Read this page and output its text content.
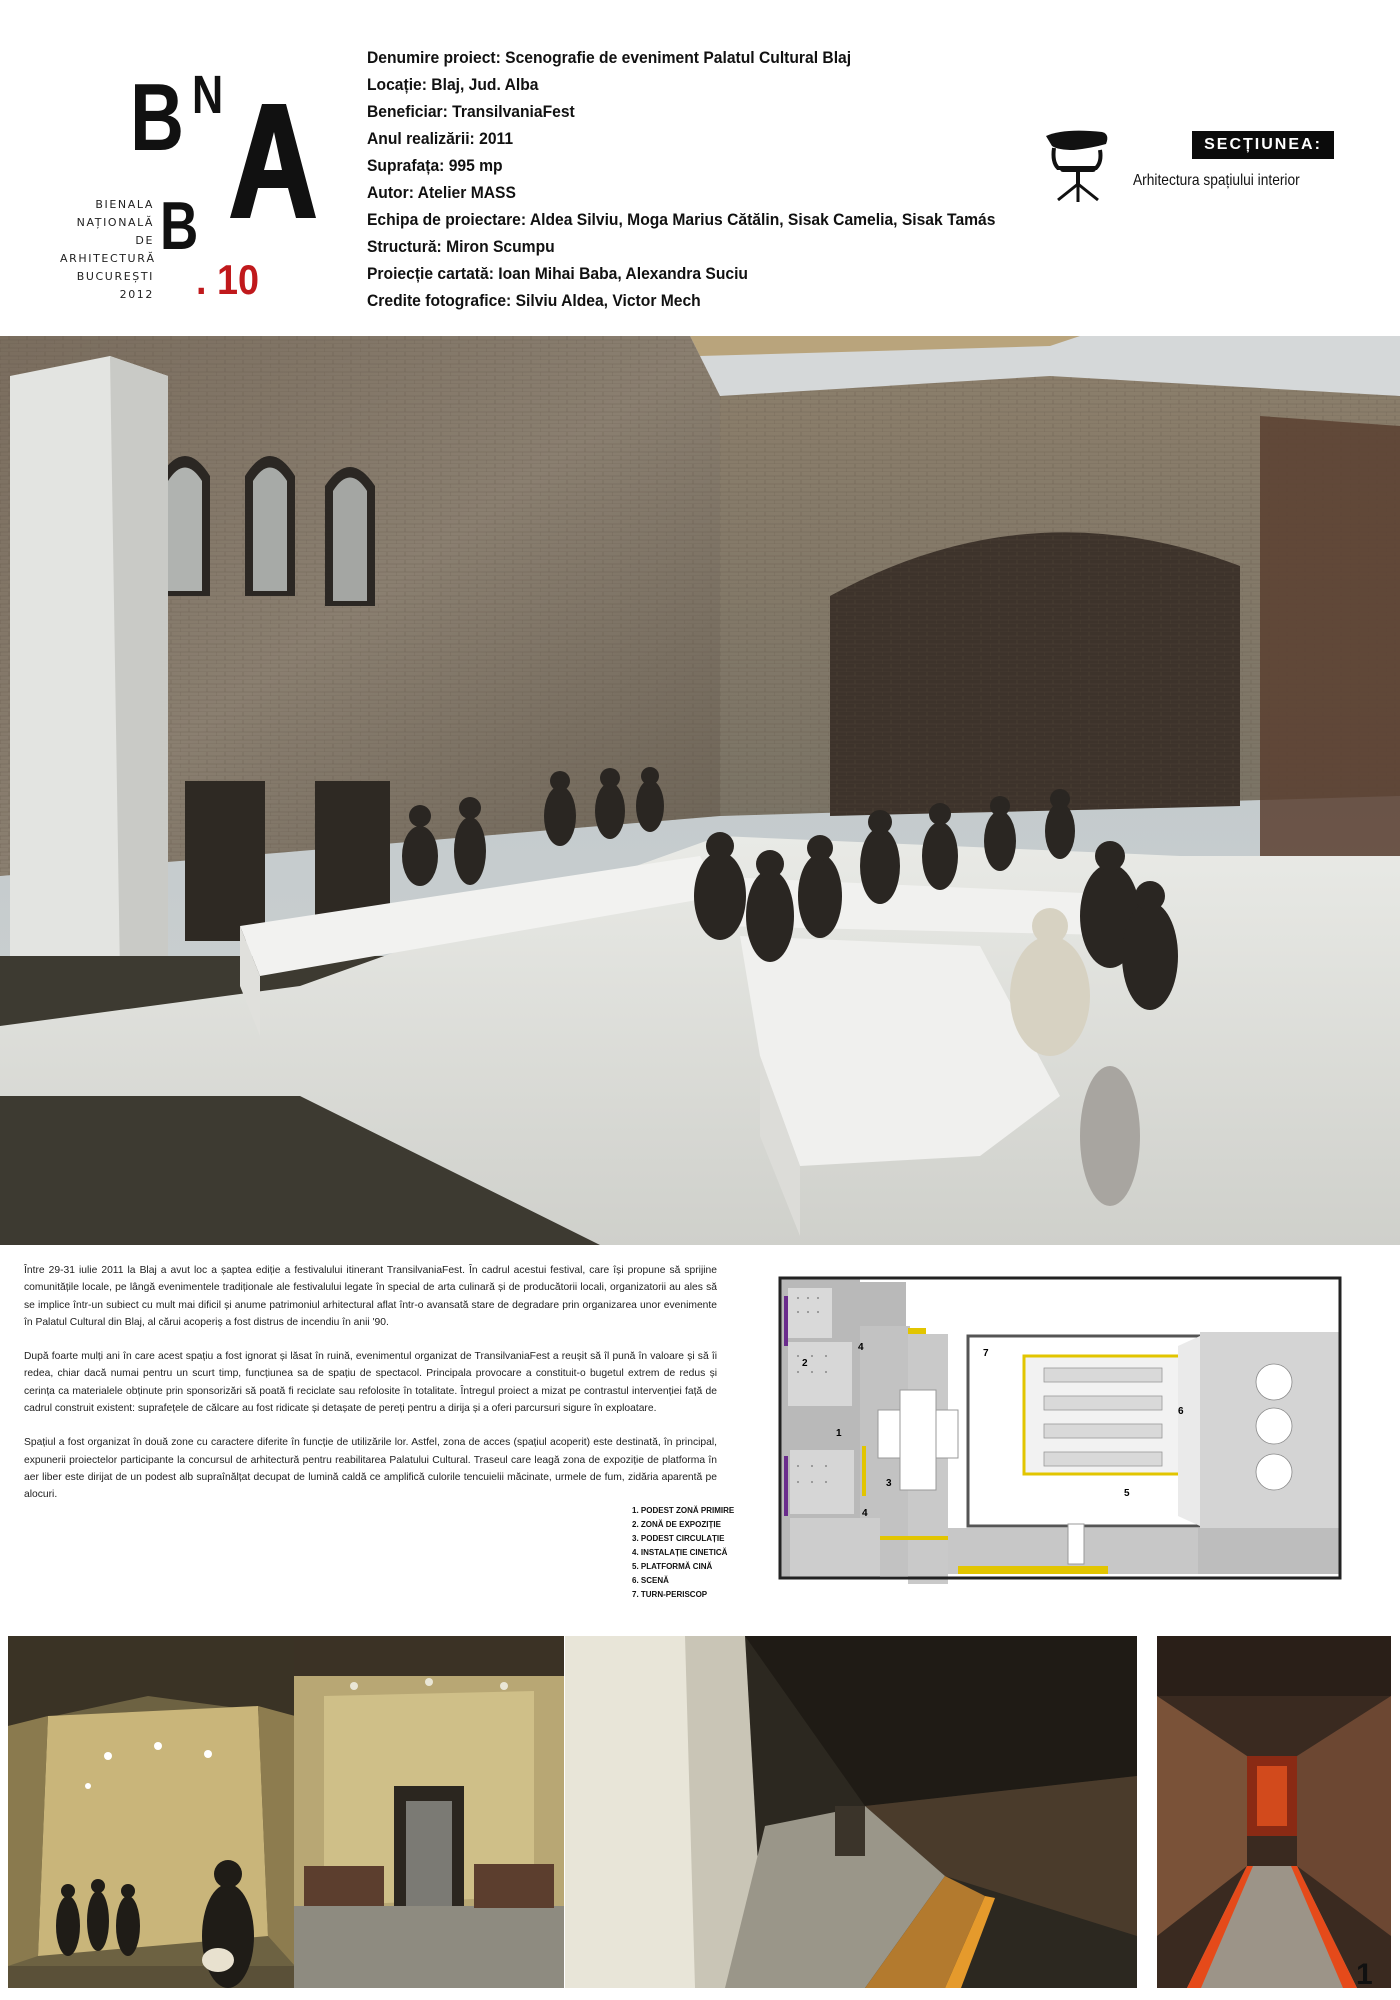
B N
B
. 10
BIENALA
NAȚIONALĂ
DE
ARHITECTURĂ
BUCUREȘTI
2012
Denumire proiect: Scenografie de eveniment Palatul Cultural Blaj
Locație: Blaj, Jud. Alba
Beneficiar: TransilvaniaFest
Anul realizării: 2011
Suprafața: 995 mp
Autor: Atelier MASS
Echipa de proiectare: Aldea Silviu, Moga Marius Cătălin, Sisak Camelia, Sisak Tamás
Structură: Miron Scumpu
Proiecție cartată: Ioan Mihai Baba, Alexandra Suciu
Credite fotografice: Silviu Aldea, Victor Mech
SECȚIUNEA:
Arhitectura spațiului interior

Între 29-31 iulie 2011 la Blaj a avut loc a șaptea ediție a festivalului itinerant TransilvaniaFest. În cadrul acestui festival, care își propune să sprijine comunitățile locale, pe lângă evenimentele tradiționale ale festivalului legate în special de arta culinară și de producătorii locali, organizatorii au ales să se implice într-un subiect cu mult mai dificil și anume patrimoniul arhitectural aflat într-o avansată stare de degradare prin organizarea unor evenimente în Palatul Cultural din Blaj, al cărui acoperiș a fost distrus de incendiu în anii '90.

După foarte mulți ani în care acest spațiu a fost ignorat și lăsat în ruină, evenimentul organizat de TransilvaniaFest a reușit să îl pună în valoare și să îi redea, chiar dacă numai pentru un scurt timp, funcțiunea sa de spațiu de spectacol. Principala provocare a constituit-o bugetul extrem de redus și cerința ca materialele obținute prin sponsorizări să poată fi reciclate sau refolosite în totalitate. Întregul proiect a mizat pe contrastul intervenției față de cadrul construit existent: suprafețele de călcare au fost ridicate și detașate de pereți pentru a dirija și a oferi parcursuri sigure în exploatare.

Spațiul a fost organizat în două zone cu caractere diferite în funcție de utilizările lor. Astfel, zona de acces (spațiul acoperit) este destinată, în principal, expunerii proiectelor participante la concursul de arhitectură pentru reabilitarea Palatului Cultural. Traseul care leagă zona de expoziție de platforma în aer liber este dirijat de un podest alb supraînălțat decupat de lumină caldă ce amplifică culorile tencuielii măcinate, urmele de fum, zidăria aparentă pe alocuri.

1. PODEST ZONĂ PRIMIRE
2. ZONĂ DE EXPOZIȚIE
3. PODEST CIRCULAȚIE
4. INSTALAȚIE CINETICĂ
5. PLATFORMĂ CINĂ
6. SCENĂ
7. TURN-PERISCOP
7
5
6
2
4
1
3
4
1
